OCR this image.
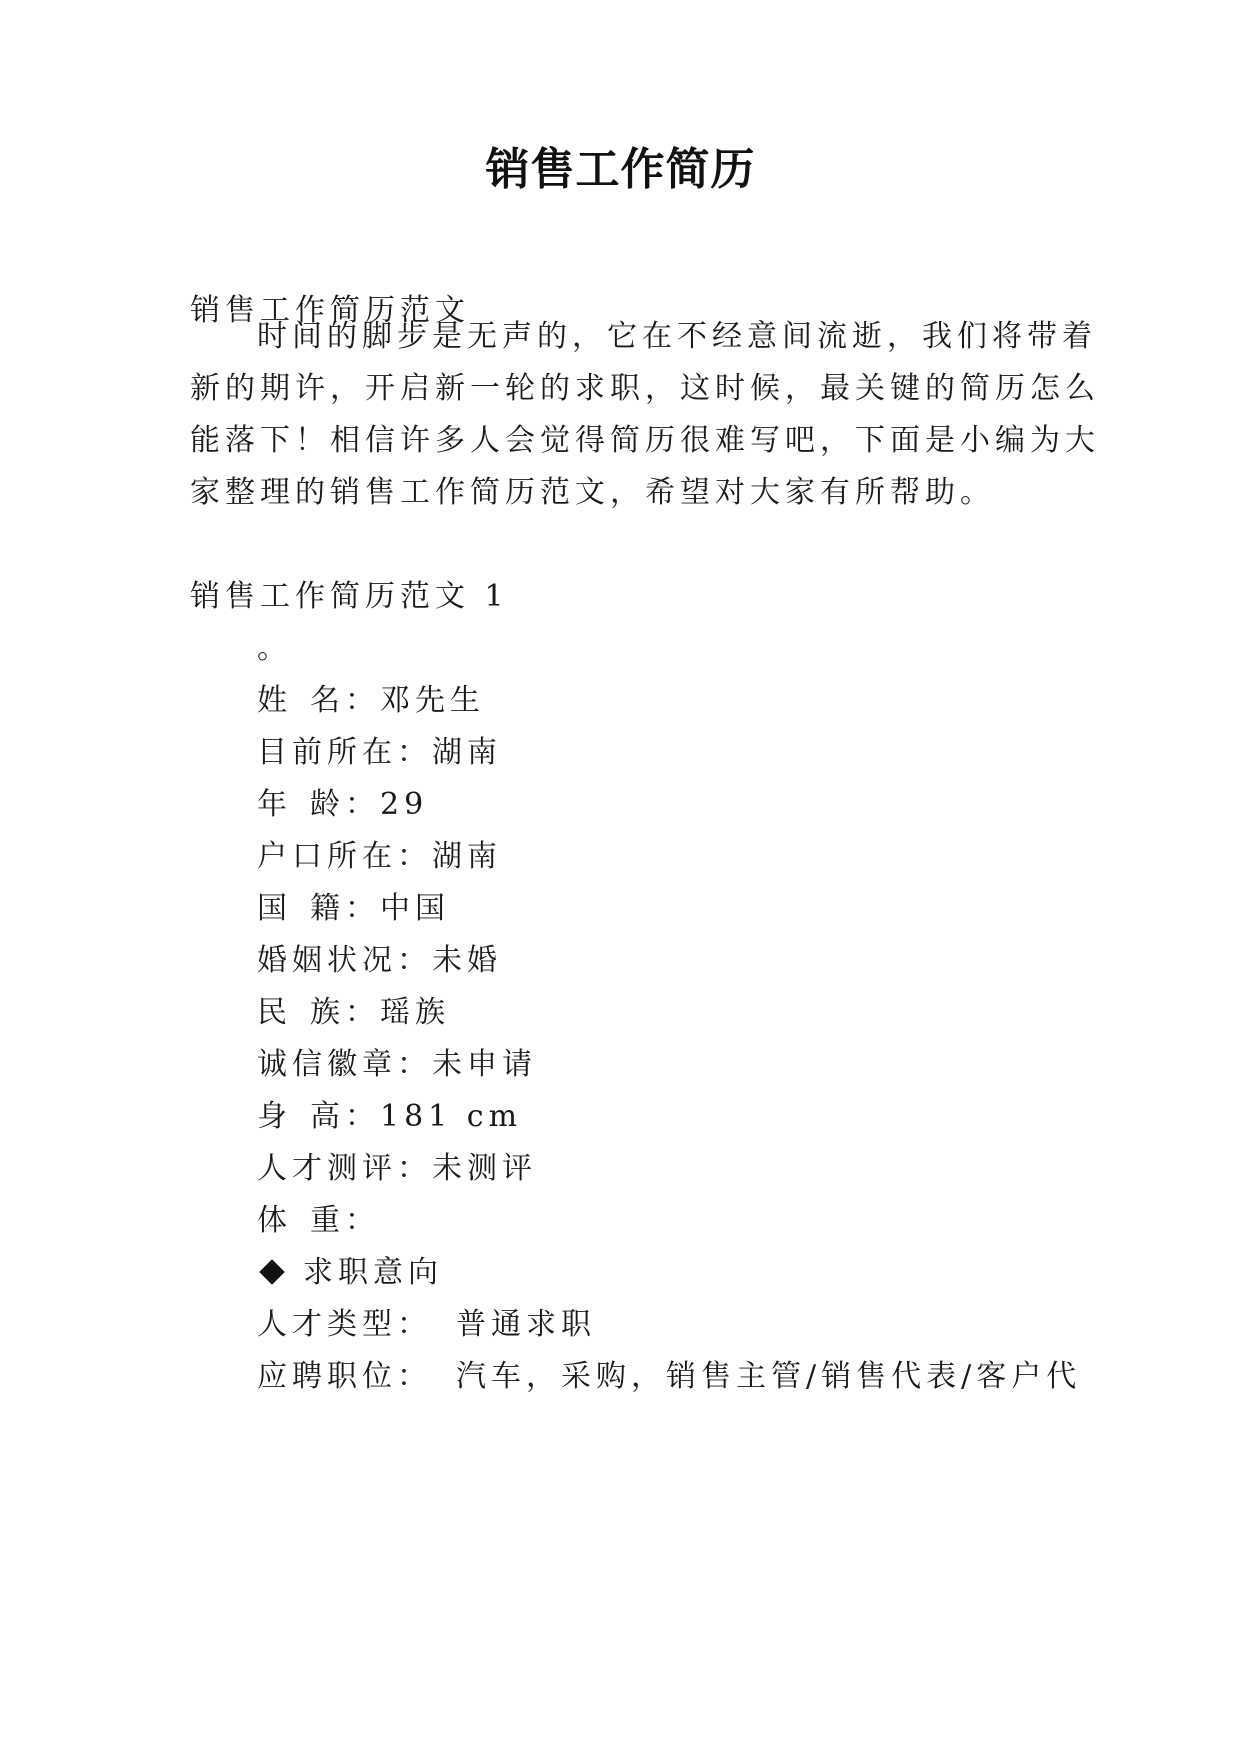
销售工作简历
销售工作简历范文
时间的脚步是无声的，它在不经意间流逝，我们将带着
新的期许，开启新一轮的求职，这时候，最关键的简历怎么
能落下！相信许多人会觉得简历很难写吧，下面是小编为大
家整理的销售工作简历范文，希望对大家有所帮助。
销售工作简历范文 1
。
姓 名：邓先生
目前所在：湖南
年 龄：29
户口所在：湖南
国 籍：中国
婚姻状况：未婚
民 族：瑶族
诚信徽章：未申请
身 高：181 cm
人才测评：未测评
体 重：
求职意向
人才类型： 普通求职
应聘职位： 汽车，采购，销售主管/销售代表/客户代
